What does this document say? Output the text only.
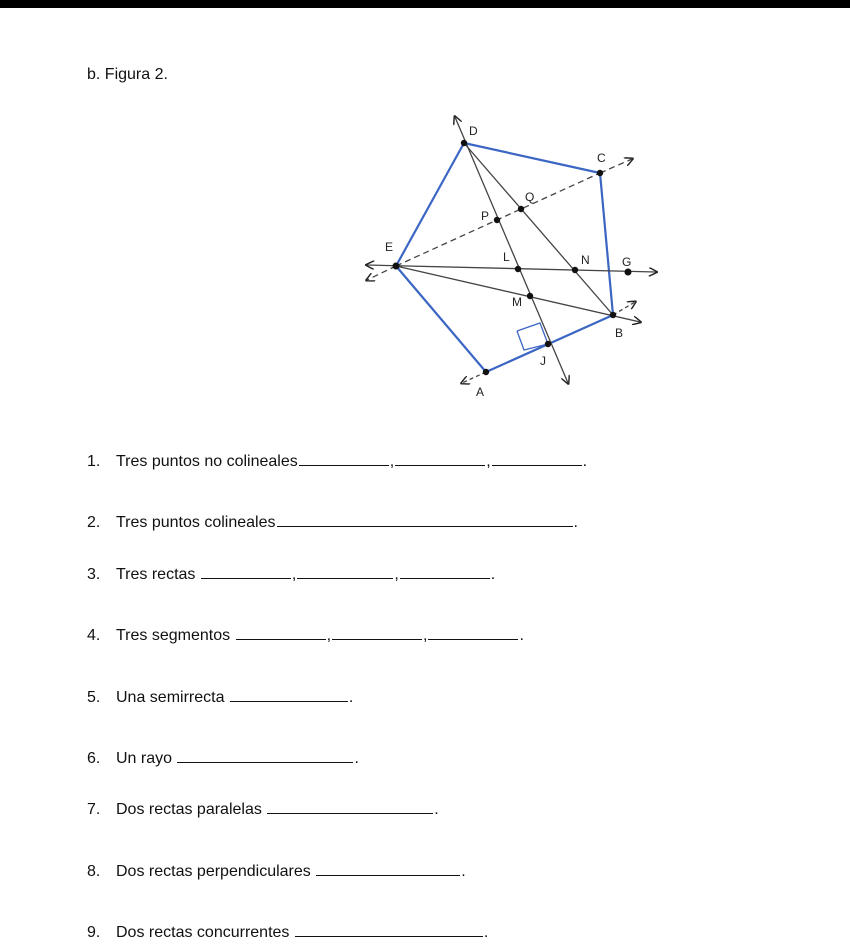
b. Figura 2.
D
C
P
Q
E
L	N	G
M
B
J
A
1. Tres puntos no colineales	,	,	.
2. Tres puntos colineales	.
3. Tres rectas	,	,	.
4. Tres segmentos	,	,	.
5. Una semirrecta	.
6. Un rayo	.
7. Dos rectas paralelas	.
8. Dos rectas perpendiculares	.
9. Dos rectas concurrentes	.
